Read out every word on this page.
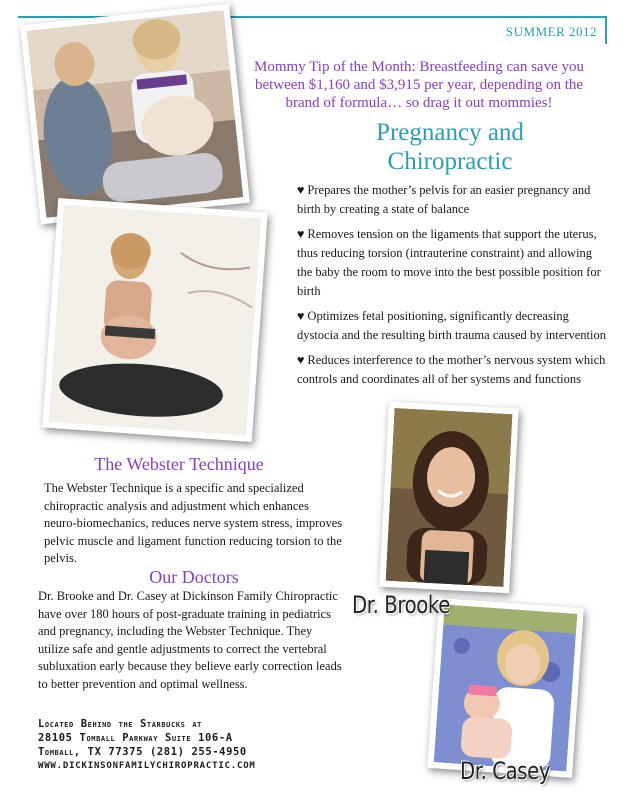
SUMMER 2012
Mommy Tip of the Month: Breastfeeding can save you between $1,160 and $3,915 per year, depending on the brand of formula… so drag it out mommies!
Pregnancy and
Chiropractic
♥ Prepares the mother’s pelvis for an easier pregnancy and birth by creating a state of balance
♥ Removes tension on the ligaments that support the uterus, thus reducing torsion (intrauterine constraint) and allowing the baby the room to move into the best possible position for birth
♥ Optimizes fetal positioning, significantly decreasing dystocia and the resulting birth trauma caused by intervention
♥ Reduces interference to the mother’s nervous system which controls and coordinates all of her systems and functions
Dr. Brooke
Dr. Casey
The Webster Technique

The Webster Technique is a specific and specialized chiropractic analysis and adjustment which enhances neuro-biomechanics, reduces nerve system stress, improves pelvic muscle and ligament function reducing torsion to the pelvis.

Our Doctors

Dr. Brooke and Dr. Casey at Dickinson Family Chiropractic have over 180 hours of post-graduate training in pediatrics and pregnancy, including the Webster Technique. They utilize safe and gentle adjustments to correct the vertebral subluxation early because they believe early correction leads to better prevention and optimal wellness.

Located Behind the Starbucks at
28105 Tomball Parkway Suite 106-A
Tomball, TX 77375 (281) 255-4950
WWW.DICKINSONFAMILYCHIROPRACTIC.COM
